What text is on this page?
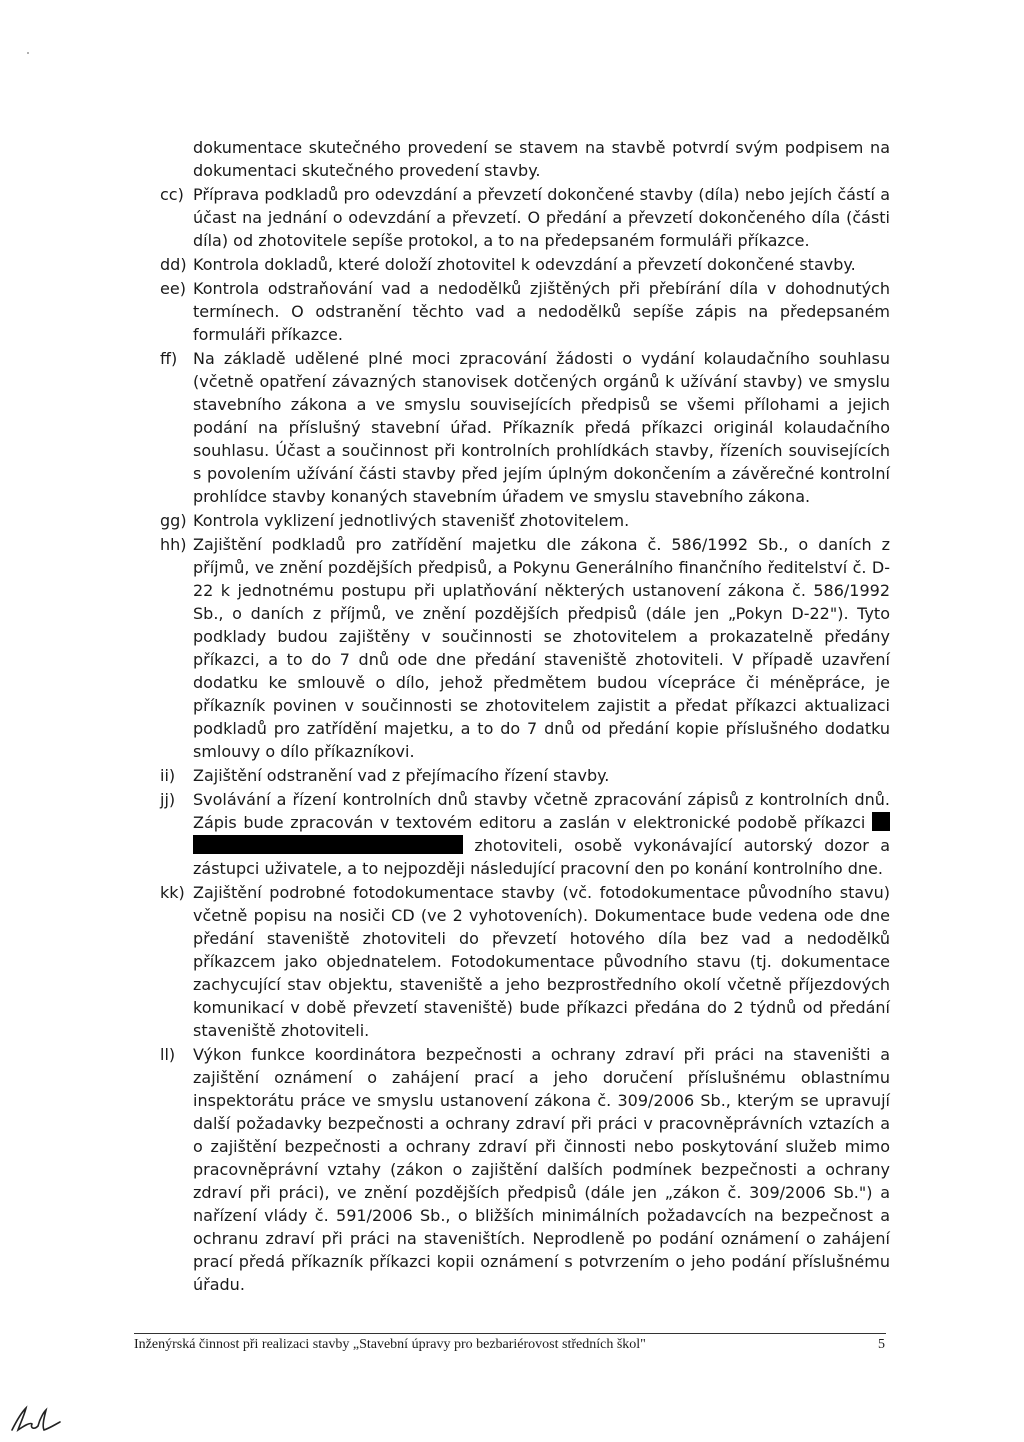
dokumentace skutečného provedení se stavem na stavbě potvrdí svým podpisem na dokumentaci skutečného provedení stavby.
cc) Příprava podkladů pro odevzdání a převzetí dokončené stavby (díla) nebo jejích částí a účast na jednání o odevzdání a převzetí. O předání a převzetí dokončeného díla (části díla) od zhotovitele sepíše protokol, a to na předepsaném formuláři příkazce.
dd) Kontrola dokladů, které doloží zhotovitel k odevzdání a převzetí dokončené stavby.
ee) Kontrola odstraňování vad a nedodělků zjištěných při přebírání díla v dohodnutých termínech. O odstranění těchto vad a nedodělků sepíše zápis na předepsaném formuláři příkazce.
ff) Na základě udělené plné moci zpracování žádosti o vydání kolaudačního souhlasu (včetně opatření závazných stanovisek dotčených orgánů k užívání stavby) ve smyslu stavebního zákona a ve smyslu souvisejících předpisů se všemi přílohami a jejich podání na příslušný stavební úřad. Příkazník předá příkazci originál kolaudačního souhlasu. Účast a součinnost při kontrolních prohlídkách stavby, řízeních souvisejících s povolením užívání části stavby před jejím úplným dokončením a závěrečné kontrolní prohlídce stavby konaných stavebním úřadem ve smyslu stavebního zákona.
gg) Kontrola vyklizení jednotlivých stavenišť zhotovitelem.
hh) Zajištění podkladů pro zatřídění majetku dle zákona č. 586/1992 Sb., o daních z příjmů, ve znění pozdějších předpisů, a Pokynu Generálního finančního ředitelství č. D-22 k jednotnému postupu při uplatňování některých ustanovení zákona č. 586/1992 Sb., o daních z příjmů, ve znění pozdějších předpisů (dále jen „Pokyn D-22"). Tyto podklady budou zajištěny v součinnosti se zhotovitelem a prokazatelně předány příkazci, a to do 7 dnů ode dne předání staveniště zhotoviteli. V případě uzavření dodatku ke smlouvě o dílo, jehož předmětem budou vícepráce či méněpráce, je příkazník povinen v součinnosti se zhotovitelem zajistit a předat příkazci aktualizaci podkladů pro zatřídění majetku, a to do 7 dnů od předání kopie příslušného dodatku smlouvy o dílo příkazníkovi.
ii)	Zajištění odstranění vad z přejímacího řízení stavby.
jj)	Svolávání a řízení kontrolních dnů stavby včetně zpracování zápisů z kontrolních dnů. Zápis bude zpracován v textovém editoru a zaslán v elektronické podobě příkazci   zhotoviteli, osobě vykonávající autorský dozor a zástupci uživatele, a to nejpozději následující pracovní den po konání kontrolního dne.
kk) Zajištění podrobné fotodokumentace stavby (vč. fotodokumentace původního stavu) včetně popisu na nosiči CD (ve 2 vyhotoveních). Dokumentace bude vedena ode dne předání staveniště zhotoviteli do převzetí hotového díla bez vad a nedodělků příkazcem jako objednatelem. Fotodokumentace původního stavu (tj. dokumentace zachycující stav objektu, staveniště a jeho bezprostředního okolí včetně příjezdových komunikací v době převzetí staveniště) bude příkazci předána do 2 týdnů od předání staveniště zhotoviteli.
ll)	Výkon funkce koordinátora bezpečnosti a ochrany zdraví při práci na staveništi a zajištění oznámení o zahájení prací a jeho doručení příslušnému oblastnímu inspektorátu práce ve smyslu ustanovení zákona č. 309/2006 Sb., kterým se upravují další požadavky bezpečnosti a ochrany zdraví při práci v pracovněprávních vztazích a o zajištění bezpečnosti a ochrany zdraví při činnosti nebo poskytování služeb mimo pracovněprávní vztahy (zákon o zajištění dalších podmínek bezpečnosti a ochrany zdraví při práci), ve znění pozdějších předpisů (dále jen „zákon č. 309/2006 Sb.") a nařízení vlády č. 591/2006 Sb., o bližších minimálních požadavcích na bezpečnost a ochranu zdraví při práci na staveništích. Neprodleně po podání oznámení o zahájení prací předá příkazník příkazci kopii oznámení s potvrzením o jeho podání příslušnému úřadu.
Inženýrská činnost při realizaci stavby „Stavební úpravy pro bezbariérovost středních škol"	5
